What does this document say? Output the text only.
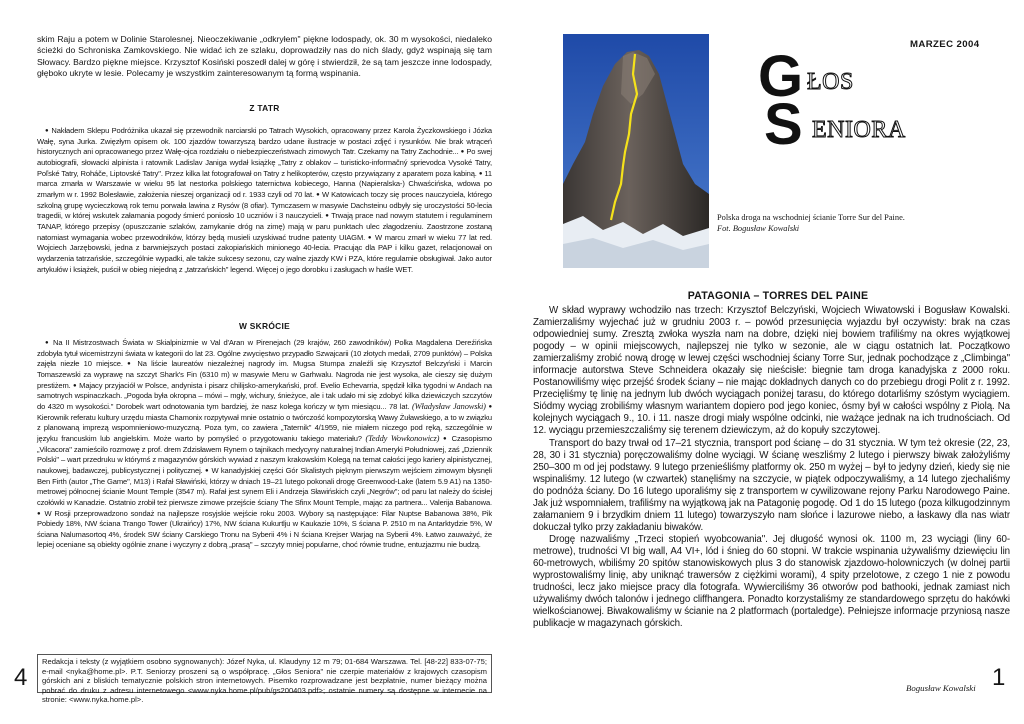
skim Raju a potem w Dolinie Starolesnej. Nieoczekiwanie „odkryłem" piękne lodospady, ok. 30 m wysokości, niedaleko ścieżki do Schroniska Zamkovskiego. Nie widać ich ze szlaku, doprowadziły nas do nich ślady, gdyż wspinają się tam Słowacy. Bardzo piękne miejsce. Krzysztof Kosiński poszedł dalej w górę i stwierdził, że są tam jeszcze inne lodospady, głęboko ukryte w lesie. Polecamy je wszystkim zainteresowanym tą formą wspinania.

Z TATR

● Nakładem Sklepu Podróżnika ukazał się przewodnik narciarski po Tatrach Wysokich, opracowany przez Karola Życzkowskiego i Józka Wałę, syna Jurka. Zwięzłym opisem ok. 100 zjazdów towarzyszą bardzo udane ilustracje w postaci zdjęć i rysunków. Nie brak wtrąceń historycznych ani opracowanego przez Wałę-ojca rozdziału o niebezpieczeństwach zimowych Tatr. Czekamy na Tatry Zachodnie... ● Po swej autobiografii, słowacki alpinista i ratownik Ladislav Janiga wydał książkę „Tatry z oblakov – turisticko-informačný sprievodca Vysoké Tatry, Poľské Tatry, Roháče, Liptovské Tatry". Przez kilka lat fotografował on Tatry z helikopterów, często przywiązany z aparatem poza kabiną. ● 11 marca zmarła w Warszawie w wieku 95 lat nestorka polskiego taternictwa kobiecego, Hanna (Napieralska-) Chwaścińska, wdowa po zmarłym w r. 1992 Bolesławie, założenia nieszej organizacji od r. 1933 czyli od 70 lat. ● W Katowicach toczy się proces nauczyciela, którego szkolną grupę wycieczkową rok temu porwała lawina z Rysów (8 ofiar). Tymczasem w masywie Dachsteinu odbyły się uroczystości 50-lecia tragedii, w której wskutek załamania pogody śmierć poniosło 10 uczniów i 3 nauczycieli. ● Trwają prace nad nowym statutem i regulaminem TANAP, którego przepisy (opuszczanie szlaków, zamykanie dróg na zimę) mają w paru punktach ulec złagodzeniu. Zaostrzone zostaną natomiast wymagania wobec przewodników, którzy będą musieli uzyskiwać trudne patenty UIAGM. ● W marcu zmarł w wieku 77 lat red. Wojciech Jarzębowski, jedna z barwniejszych postaci zakopiańskich minionego 40-lecia. Pracując dla PAP i kilku gazet, relacjonował on wydarzenia tatrzańskie, szczególnie wypadki, ale także sukcesy sezonu, czy walne zjazdy KW i PZA, które regularnie obsługiwał. Jako autor artykułów i książek, puścił w obieg niejedną z „tatrzańskich" legend. Więcej o jego dorobku i zasługach w haśle WET.

W SKRÓCIE

● Na II Mistrzostwach Świata w Skialpinizmie w Val d'Aran w Pirenejach (29 krajów, 260 zawodników) Polka Magdalena Dereźińska zdobyła tytuł wicemistrzyni świata w kategorii do lat 23. Ogólne zwycięstwo przypadło Szwajcarii (10 złotych medali, 2709 punktów) – Polska zajęła niezłe 10 miejsce. ● Na liście laureatów niezależnej nagrody im. Mugsa Stumpa znaleźli się Krzysztof Belczyński i Marcin Tomaszewski za wyprawę na szczyt Shark's Fin (6310 m) w masywie Meru w Garhwalu. Nagroda nie jest wysoka, ale cieszy się dużym prestiżem. ● Majacy przyjaciół w Polsce, andynista i pisarz chilijsko-amerykański, prof. Evelio Echevarria, spędził kilka tygodni w Andach na samotnych wspinaczkach. „Pogoda była okropna – mówi – mgły, wichury, śnieżyce, ale i tak udało mi się zdobyć kilka dziewiczych szczytów do 4320 m wysokości." Dorobek wart odnotowania tym bardziej, że nasz kolega kończy w tym miesiącu... 78 lat. (Władysław Janowski) ● Kierownik referatu kultury urzędu miasta Chamonix rozpytywał mnie ostatnio o twórczość kompozytorską Wawy Żuławskiego, a to w związku z planowaną imprezą wspomnieniowo-muzyczną. Poza tym, co zawiera „Taternik" 4/1959, nie miałem niczego pod ręką, szczególnie w języku francuskim lub angielskim. Może warto by pomyśleć o przygotowaniu takiego materiału? (Teddy Wowkonowicz) ● Czasopismo „Vilcacora" zamieścilo rozmowę z prof. drem Zdzisławem Rynem o tajnikach medycyny naturalnej Indian Ameryki Południowej, zaś „Dziennik Polski" – wart przedruku w którymś z magazynów górskich wywiad z naszym krakowskim Kolegą na temat całości jego kariery alpinistycznej, naukowej, badawczej, publicystycznej i politycznej. ● W kanadyjskiej części Gór Skalistych pięknym pierwszym wejściem zimowym błysnęli Ben Firth (autor „The Game", M13) i Rafał Sławiński, którzy w dniach 19–21 lutego pokonali drogę Greenwood-Lake (latem 5.9 A1) na 1350-metrowej północnej ścianie Mount Temple (3547 m). Rafał jest synem Eli i Andrzeja Sławińskich czyli „Negrów"; od paru lat należy do ścisłej czołówki w Kanadzie. Ostatnio zrobił też pierwsze zimowe przejście ściany The Sfinx Mount Temple, mając za partnera... Valerija Babanowa. ● W Rosji przeprowadzono sondaż na najlepsze rosyjskie wejście roku 2003. Wybory są następujące: Filar Nuptse Babanowa 38%, Pik Pobiedy 18%, NW ściana Trango Tower (Ukraińcy) 17%, NW ściana Kukurtlju w Kaukazie 10%, S ściana P. 2510 m na Antarktydzie 5%, W ściana Nalumasortoq 4%, środek SW ściany Carskiego Tronu na Syberii 4% i N ściana Krejser Warjag na Syberii 4%. Łatwo zauważyć, że lepiej oceniane są obiekty ogólnie znane i wyczyny z dobrą „prasą" – szczyty mniej popularne, choć równie trudne, entuzjazmu nie budzą.

Redakcja i teksty (z wyjątkiem osobno sygnowanych): Józef Nyka, ul. Klaudyny 12 m 79; 01-684 Warszawa. Tel. [48-22] 833-07-75; e-mail <nyka@home.pl>. P.T. Seniorzy proszeni są o współpracę. „Głos Seniora" nie czerpie materiałów z krajowych czasopism górskich ani z bliskich tematycznie polskich stron internetowych. Pisemko rozprowadzane jest bezpłatnie, numer bieżący można pobrać do druku z adresu internetowego <www.nyka.home.pl/pub/gs200403.pdf>; ostatnie numery są dostępne w internecie na stronie: <www.nyka.home.pl>.
4
MARZEC 2004
G ŁOS
S ENIORA
Polska droga na wschodniej ścianie Torre Sur del Paine.
Fot. Bogusław Kowalski
PATAGONIA – TORRES DEL PAINE

W skład wyprawy wchodziło nas trzech: Krzysztof Belczyński, Wojciech Wiwatowski i Bogusław Kowalski. Zamierzaliśmy wyjechać już w grudniu 2003 r. – powód przesunięcia wyjazdu był oczywisty: brak na czas odpowiedniej sumy. Zresztą zwłoka wyszła nam na dobre, dzięki niej bowiem trafiliśmy na okres wyjątkowej pogody – w opinii miejscowych, najlepszej nie tylko w sezonie, ale w ciągu ostatnich lat. Początkowo zamierzaliśmy zrobić nową drogę w lewej części wschodniej ściany Torre Sur, jednak pochodzące z „Climbinga" informacje autorstwa Steve Schneidera okazały się nieścisłe: biegnie tam droga kanadyjska z 2000 roku. Postanowiliśmy więc przejść środek ściany – nie mając dokładnych danych co do przebiegu drogi Polit z r. 1992. Przecięliśmy tę linię na jednym lub dwóch wyciągach poniżej tarasu, do którego dotarliśmy szóstym wyciągiem. Siódmy wyciąg zrobiliśmy własnym wariantem dopiero pod jego koniec, ósmy był w całości wspólny z Piolą. Na kolejnych wyciągach 9., 10. i 11. nasze drogi miały wspólne odcinki, nie ważące jednak na ich trudnościach. Od 12. wyciągu przemieszczaliśmy się terenem dziewiczym, aż do kopuły szczytowej.

Transport do bazy trwał od 17–21 stycznia, transport pod ścianę – do 31 stycznia. W tym też okresie (22, 23, 28, 30 i 31 stycznia) poręczowaliśmy dolne wyciągi. W ścianę weszliśmy 2 lutego i pierwszy biwak założyliśmy 250–300 m od jej podstawy. 9 lutego przenieśliśmy platformy ok. 250 m wyżej – był to jedyny dzień, kiedy się nie wspinaliśmy. 12 lutego (w czwartek) stanęliśmy na szczycie, w piątek odpoczywaliśmy, a 14 lutego zjechaliśmy do podnóża ściany. Do 16 lutego uporaliśmy się z transportem w cywilizowane rejony Parku Narodowego Paine. Jak już wspomniałem, trafiliśmy na wyjątkową jak na Patagonię pogodę. Od 1 do 15 lutego (poza kilkugodzinnym załamaniem 9 i brzydkim dniem 11 lutego) towarzyszyło nam słońce i lazurowe niebo, a łaskawy dla nas wiatr dokuczał tylko przy zakładaniu biwaków.

Drogę nazwaliśmy „Trzeci stopień wyobcowania". Jej długość wynosi ok. 1100 m, 23 wyciągi (liny 60-metrowe), trudności VI big wall, A4 VI+, lód i śnieg do 60 stopni. W trakcie wspinania używaliśmy dziewięciu lin 60-metrowych, wbiliśmy 20 spitów stanowiskowych plus 3 do stanowisk zjazdowo-holowniczych (w dolnej partii wyprostowaliśmy linię, aby uniknąć trawersów z ciężkimi worami), 4 spity przelotowe, z czego 1 nie z powodu trudności, lecz jako miejsce pracy dla fotografa. Wywierciliśmy 36 otworów pod bathooki, jednak zamiast nich używaliśmy dwóch talonów i jednego cliffhangera. Ponadto korzystaliśmy ze standardowego sprzętu do hakówki wielkościanowej. Biwakowaliśmy w ścianie na 2 platformach (portaledge). Pełniejsze informacje przyniosą nasze publikacje w magazynach górskich.

Bogusław Kowalski 1
